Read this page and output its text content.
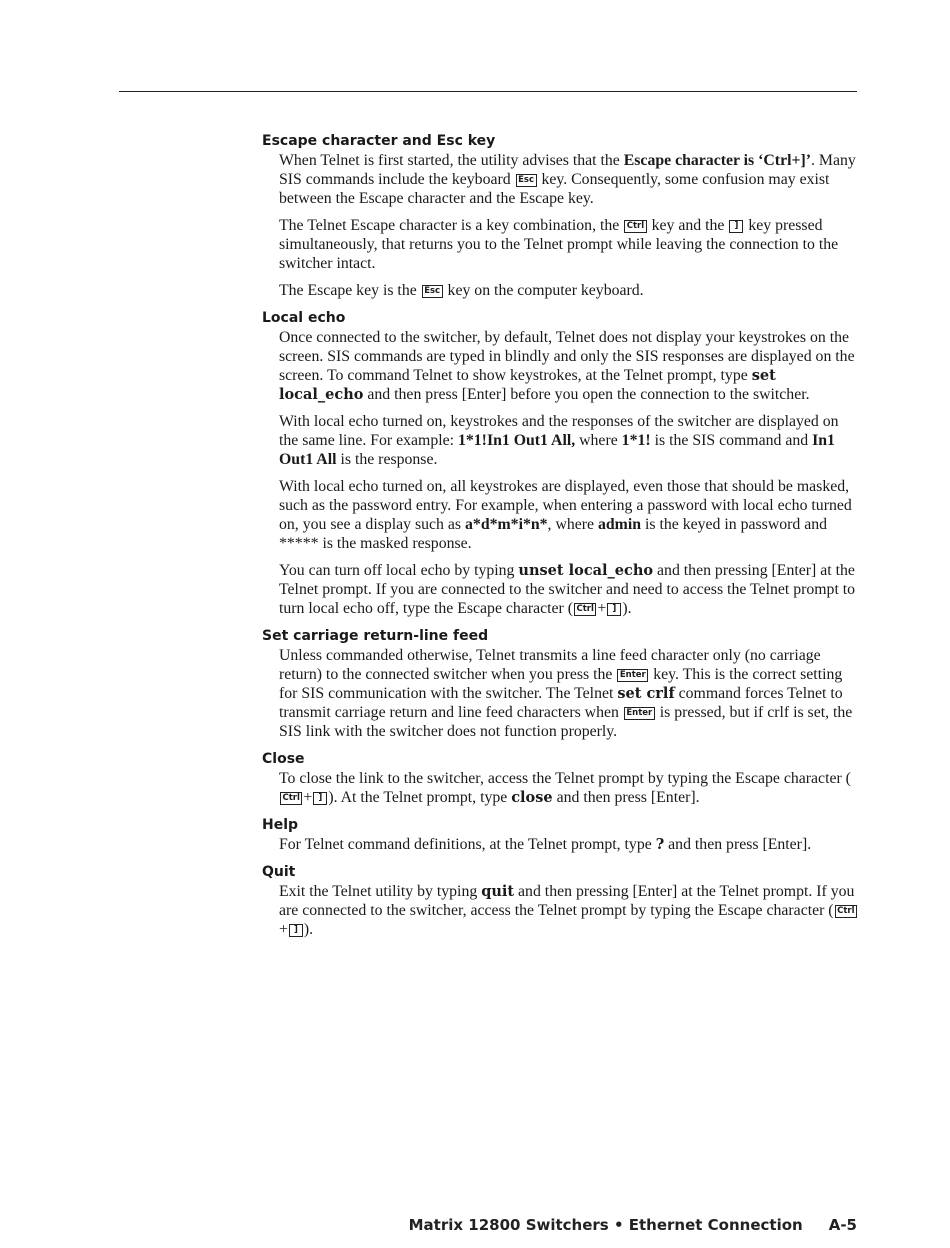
Escape character and Esc key

When Telnet is first started, the utility advises that the Escape character is ‘Ctrl+]’. Many SIS commands include the keyboard Esc key. Consequently, some confusion may exist between the Escape character and the Escape key.

The Telnet Escape character is a key combination, the Ctrl key and the ] key pressed simultaneously, that returns you to the Telnet prompt while leaving the connection to the switcher intact.

The Escape key is the Esc key on the computer keyboard.

Local echo

Once connected to the switcher, by default, Telnet does not display your keystrokes on the screen. SIS commands are typed in blindly and only the SIS responses are displayed on the screen. To command Telnet to show keystrokes, at the Telnet prompt, type set local_echo and then press [Enter] before you open the connection to the switcher.

With local echo turned on, keystrokes and the responses of the switcher are displayed on the same line. For example: 1*1!In1 Out1 All, where 1*1! is the SIS command and In1 Out1 All is the response.

With local echo turned on, all keystrokes are displayed, even those that should be masked, such as the password entry. For example, when entering a password with local echo turned on, you see a display such as a*d*m*i*n*, where admin is the keyed in password and ***** is the masked response.

You can turn off local echo by typing unset local_echo and then pressing [Enter] at the Telnet prompt. If you are connected to the switcher and need to access the Telnet prompt to turn local echo off, type the Escape character ( Ctrl + ] ).

Set carriage return-line feed

Unless commanded otherwise, Telnet transmits a line feed character only (no carriage return) to the connected switcher when you press the Enter key. This is the correct setting for SIS communication with the switcher. The Telnet set crlf command forces Telnet to transmit carriage return and line feed characters when Enter is pressed, but if crlf is set, the SIS link with the switcher does not function properly.

Close

To close the link to the switcher, access the Telnet prompt by typing the Escape character (Ctrl + ] ). At the Telnet prompt, type close and then press [Enter].

Help

For Telnet command definitions, at the Telnet prompt, type ? and then press [Enter].

Quit

Exit the Telnet utility by typing quit and then pressing [Enter] at the Telnet prompt. If you are connected to the switcher, access the Telnet prompt by typing the Escape character ( Ctrl+ ] ).

Matrix 12800 Switchers • Ethernet Connection A-5
